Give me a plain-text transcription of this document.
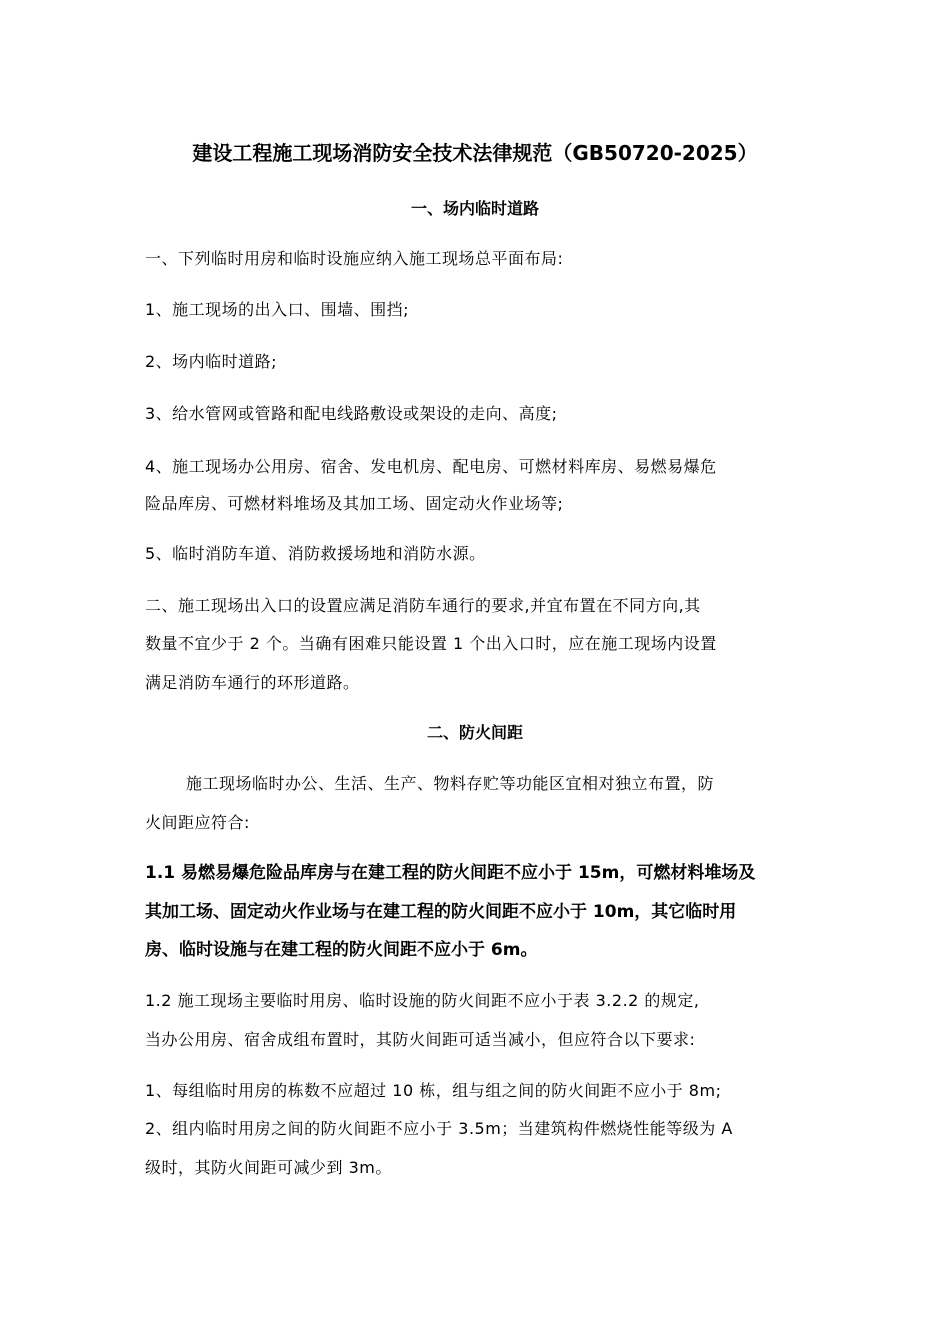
建设工程施工现场消防安全技术法律规范（GB50720-2025）
一、场内临时道路
一、下列临时用房和临时设施应纳入施工现场总平面布局:
1、施工现场的出入口、围墙、围挡;
2、场内临时道路;
3、给水管网或管路和配电线路敷设或架设的走向、高度;
4、施工现场办公用房、宿舍、发电机房、配电房、可燃材料库房、易燃易爆危
险品库房、可燃材料堆场及其加工场、固定动火作业场等;
5、临时消防车道、消防救援场地和消防水源。
二、施工现场出入口的设置应满足消防车通行的要求,并宜布置在不同方向,其
数量不宜少于 2 个。当确有困难只能设置 1 个出入口时，应在施工现场内设置
满足消防车通行的环形道路。
二、防火间距
施工现场临时办公、生活、生产、物料存贮等功能区宜相对独立布置，防
火间距应符合:
1.1 易燃易爆危险品库房与在建工程的防火间距不应小于 15m，可燃材料堆场及
其加工场、固定动火作业场与在建工程的防火间距不应小于 10m，其它临时用
房、临时设施与在建工程的防火间距不应小于 6m。
1.2 施工现场主要临时用房、临时设施的防火间距不应小于表 3.2.2 的规定,
当办公用房、宿舍成组布置时，其防火间距可适当减小，但应符合以下要求:
1、每组临时用房的栋数不应超过 10 栋，组与组之间的防火间距不应小于 8m;
2、组内临时用房之间的防火间距不应小于 3.5m；当建筑构件燃烧性能等级为 A
级时，其防火间距可减少到 3m。
